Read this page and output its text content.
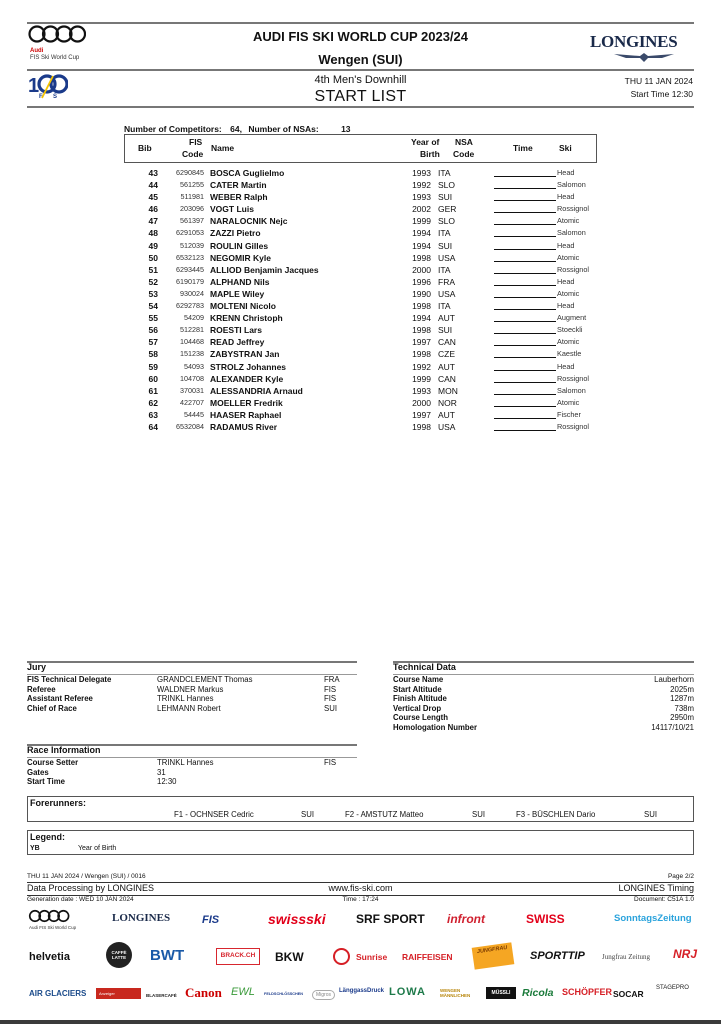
Audi
FIS Ski World Cup
AUDI FIS SKI WORLD CUP 2023/24
Wengen (SUI)
LONGINES
1 F S
4th Men's Downhill
START LIST
THU 11 JAN 2024
Start Time 12:30
Number of Competitors: 64, Number of NSAs:	13
Bib
FIS
Code
Name
Year of
Birth
NSA
Code
Time	Ski
43	6290845 BOSCA Guglielmo	1993 ITA	Head
44	561255 CATER Martin	1992 SLO	Salomon
45	511981 WEBER Ralph	1993 SUI	Head
46	203096 VOGT Luis	2002 GER	Rossignol
47	561397 NARALOCNIK Nejc	1999 SLO	Atomic
48	6291053 ZAZZI Pietro	1994 ITA	Salomon
49	512039 ROULIN Gilles	1994 SUI	Head
50	6532123 NEGOMIR Kyle	1998 USA	Atomic
51	6293445 ALLIOD Benjamin Jacques	2000 ITA	Rossignol
52	6190179 ALPHAND Nils	1996 FRA	Head
53	930024 MAPLE Wiley	1990 USA	Atomic
54	6292783 MOLTENI Nicolo	1998 ITA	Head
55	54209 KRENN Christoph	1994 AUT	Augment
56	512281 ROESTI Lars	1998 SUI	Stoeckli
57	104468 READ Jeffrey	1997 CAN	Atomic
58	151238 ZABYSTRAN Jan	1998 CZE	Kaestle
59	54093 STROLZ Johannes	1992 AUT	Head
60	104708 ALEXANDER Kyle	1999 CAN	Rossignol
61	370031 ALESSANDRIA Arnaud	1993 MON	Salomon
62	422707 MOELLER Fredrik	2000 NOR	Atomic
63	54445 HAASER Raphael	1997 AUT	Fischer
64	6532084 RADAMUS River	1998 USA	Rossignol
Jury
FIS Technical Delegate	GRANDCLEMENT Thomas	FRA
Referee	WALDNER Markus	FIS
Assistant Referee	TRINKL Hannes	FIS
Chief of Race	LEHMANN Robert	SUI
Race Information
Course Setter	TRINKL Hannes	FIS
Gates	31
Start Time	12:30
Technical Data
Course Name	Lauberhorn
Start Altitude	2025m
Finish Altitude	1287m
Vertical Drop	738m
Course Length	2950m
Homologation Number	14117/10/21
Forerunners:
F1 - OCHNSER Cedric	SUI	F2 - AMSTUTZ Matteo	SUI	F3 - BÜSCHLEN Dario	SUI
Legend:
YB	Year of Birth
THU 11 JAN 2024 / Wengen (SUI) / 0016	Page 2/2
Data Processing by LONGINES	www.fis-ski.com	LONGINES Timing
Generation date : WED 10 JAN 2024	Time : 17:24	Document: C51A 1.0
Audi FIS Ski World Cup
LONGINES	FIS	swissski	SRF SPORT infront	SWISS	SonntagsZeitung
helvetia	CAFFÈ LATTE	BWT	BRACK.CH	BKW	Sunrise RAIFFEISEN
JUNGFRAU	SPORTTIP Jungfrau Zeitung NRJ
AIR GLACIERS	Anzeiger	BLASERCAFÉ Canon EWL FELDSCHLÖSSCHEN	Migros
LänggassDruck LOWA	WENGEN MÄNNLICHEN	MÜSSLI	Ricola SCHÖPFER SOCAR
STAGEPRO
